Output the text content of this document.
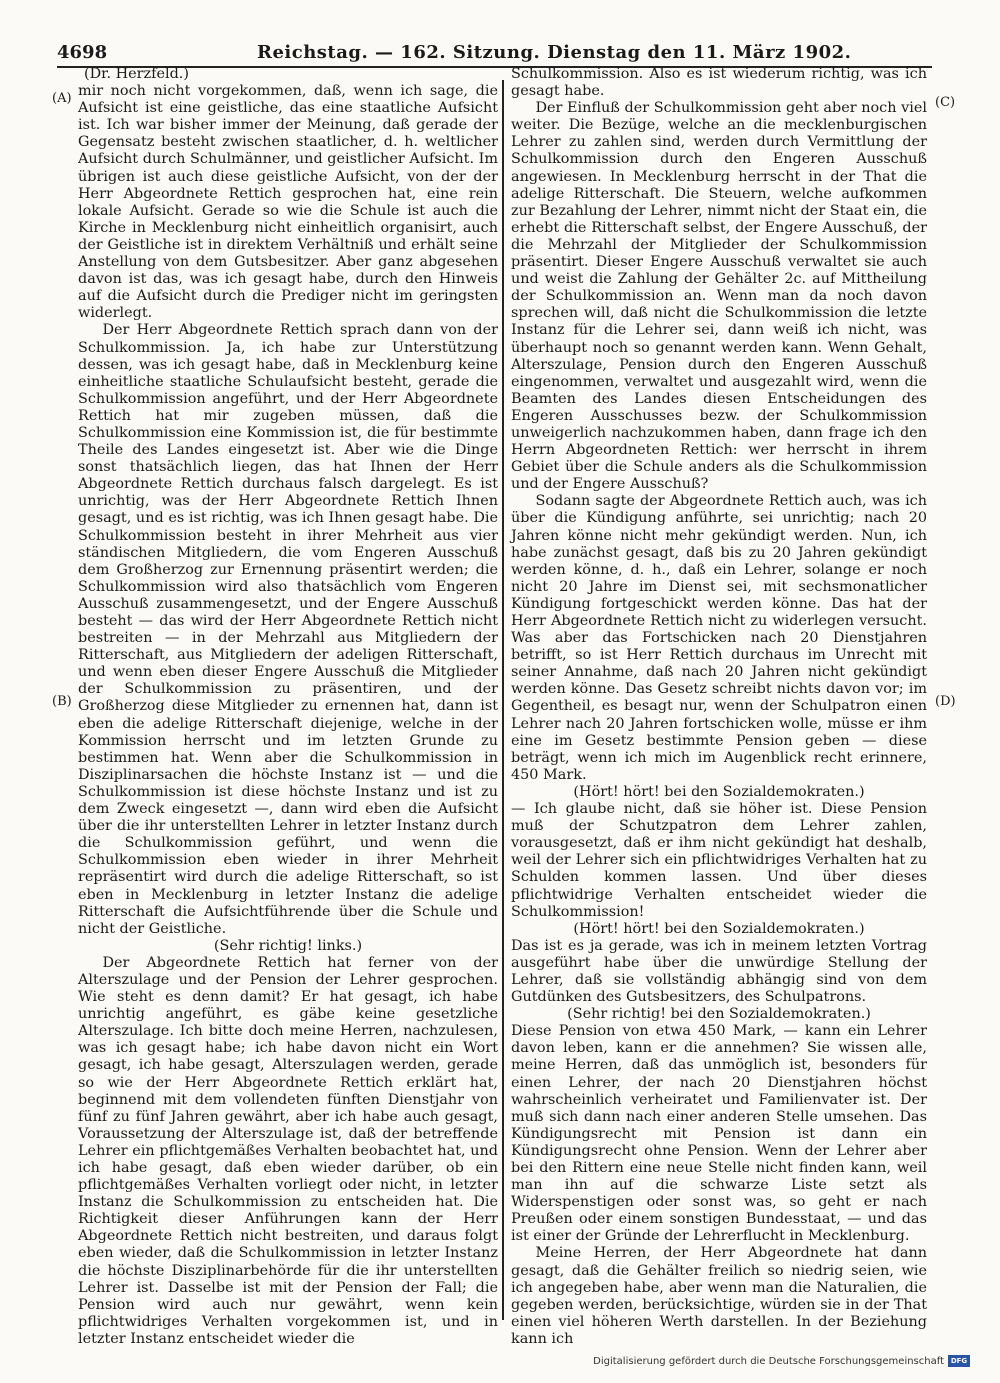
4698	Reichstag. — 162. Sitzung. Dienstag den 11. März 1902.
(A)
(B)
(C)
(D)

(Dr. Herzfeld.)

mir noch nicht vorgekommen, daß, wenn ich sage, die Aufsicht ist eine geistliche, das eine staatliche Aufsicht ist. Ich war bisher immer der Meinung, daß gerade der Gegensatz besteht zwischen staatlicher, d. h. weltlicher Aufsicht durch Schulmänner, und geistlicher Aufsicht. Im übrigen ist auch diese geistliche Aufsicht, von der der Herr Abgeordnete Rettich gesprochen hat, eine rein lokale Aufsicht. Gerade so wie die Schule ist auch die Kirche in Mecklenburg nicht einheitlich organisirt, auch der Geistliche ist in direktem Verhältniß und erhält seine Anstellung von dem Gutsbesitzer. Aber ganz abgesehen davon ist das, was ich gesagt habe, durch den Hinweis auf die Aufsicht durch die Prediger nicht im geringsten widerlegt.

Der Herr Abgeordnete Rettich sprach dann von der Schulkommission. Ja, ich habe zur Unterstützung dessen, was ich gesagt habe, daß in Mecklenburg keine einheitliche staatliche Schulaufsicht besteht, gerade die Schulkommission angeführt, und der Herr Abgeordnete Rettich hat mir zugeben müssen, daß die Schulkommission eine Kommission ist, die für bestimmte Theile des Landes eingesetzt ist. Aber wie die Dinge sonst thatsächlich liegen, das hat Ihnen der Herr Abgeordnete Rettich durchaus falsch dargelegt. Es ist unrichtig, was der Herr Abgeordnete Rettich Ihnen gesagt, und es ist richtig, was ich Ihnen gesagt habe. Die Schulkommission besteht in ihrer Mehrheit aus vier ständischen Mitgliedern, die vom Engeren Ausschuß dem Großherzog zur Ernennung präsentirt werden; die Schulkommission wird also thatsächlich vom Engeren Ausschuß zusammengesetzt, und der Engere Ausschuß besteht — das wird der Herr Abgeordnete Rettich nicht bestreiten — in der Mehrzahl aus Mitgliedern der Ritterschaft, aus Mitgliedern der adeligen Ritterschaft, und wenn eben dieser Engere Ausschuß die Mitglieder der Schulkommission zu präsentiren, und der Großherzog diese Mitglieder zu ernennen hat, dann ist eben die adelige Ritterschaft diejenige, welche in der Kommission herrscht und im letzten Grunde zu bestimmen hat. Wenn aber die Schulkommission in Disziplinarsachen die höchste Instanz ist — und die Schulkommission ist diese höchste Instanz und ist zu dem Zweck eingesetzt —, dann wird eben die Aufsicht über die ihr unterstellten Lehrer in letzter Instanz durch die Schulkommission geführt, und wenn die Schulkommission eben wieder in ihrer Mehrheit repräsentirt wird durch die adelige Ritterschaft, so ist eben in Mecklenburg in letzter Instanz die adelige Ritterschaft die Aufsichtführende über die Schule und nicht der Geistliche.

(Sehr richtig! links.)

Der Abgeordnete Rettich hat ferner von der Alterszulage und der Pension der Lehrer gesprochen. Wie steht es denn damit? Er hat gesagt, ich habe unrichtig angeführt, es gäbe keine gesetzliche Alterszulage. Ich bitte doch meine Herren, nachzulesen, was ich gesagt habe; ich habe davon nicht ein Wort gesagt, ich habe gesagt, Alterszulagen werden, gerade so wie der Herr Abgeordnete Rettich erklärt hat, beginnend mit dem vollendeten fünften Dienstjahr von fünf zu fünf Jahren gewährt, aber ich habe auch gesagt, Voraussetzung der Alterszulage ist, daß der betreffende Lehrer ein pflichtgemäßes Verhalten beobachtet hat, und ich habe gesagt, daß eben wieder darüber, ob ein pflichtgemäßes Verhalten vorliegt oder nicht, in letzter Instanz die Schulkommission zu entscheiden hat. Die Richtigkeit dieser Anführungen kann der Herr Abgeordnete Rettich nicht bestreiten, und daraus folgt eben wieder, daß die Schulkommission in letzter Instanz die höchste Disziplinarbehörde für die ihr unterstellten Lehrer ist. Dasselbe ist mit der Pension der Fall; die Pension wird auch nur gewährt, wenn kein pflichtwidriges Verhalten vorgekommen ist, und in letzter Instanz entscheidet wieder die

Schulkommission. Also es ist wiederum richtig, was ich gesagt habe.

Der Einfluß der Schulkommission geht aber noch viel weiter. Die Bezüge, welche an die mecklenburgischen Lehrer zu zahlen sind, werden durch Vermittlung der Schulkommission durch den Engeren Ausschuß angewiesen. In Mecklenburg herrscht in der That die adelige Ritterschaft. Die Steuern, welche aufkommen zur Bezahlung der Lehrer, nimmt nicht der Staat ein, die erhebt die Ritterschaft selbst, der Engere Ausschuß, der die Mehrzahl der Mitglieder der Schulkommission präsentirt. Dieser Engere Ausschuß verwaltet sie auch und weist die Zahlung der Gehälter 2c. auf Mittheilung der Schulkommission an. Wenn man da noch davon sprechen will, daß nicht die Schulkommission die letzte Instanz für die Lehrer sei, dann weiß ich nicht, was überhaupt noch so genannt werden kann. Wenn Gehalt, Alterszulage, Pension durch den Engeren Ausschuß eingenommen, verwaltet und ausgezahlt wird, wenn die Beamten des Landes diesen Entscheidungen des Engeren Ausschusses bezw. der Schulkommission unweigerlich nachzukommen haben, dann frage ich den Herrn Abgeordneten Rettich: wer herrscht in ihrem Gebiet über die Schule anders als die Schulkommission und der Engere Ausschuß?

Sodann sagte der Abgeordnete Rettich auch, was ich über die Kündigung anführte, sei unrichtig; nach 20 Jahren könne nicht mehr gekündigt werden. Nun, ich habe zunächst gesagt, daß bis zu 20 Jahren gekündigt werden könne, d. h., daß ein Lehrer, solange er noch nicht 20 Jahre im Dienst sei, mit sechsmonatlicher Kündigung fortgeschickt werden könne. Das hat der Herr Abgeordnete Rettich nicht zu widerlegen versucht. Was aber das Fortschicken nach 20 Dienstjahren betrifft, so ist Herr Rettich durchaus im Unrecht mit seiner Annahme, daß nach 20 Jahren nicht gekündigt werden könne. Das Gesetz schreibt nichts davon vor; im Gegentheil, es besagt nur, wenn der Schulpatron einen Lehrer nach 20 Jahren fortschicken wolle, müsse er ihm eine im Gesetz bestimmte Pension geben — diese beträgt, wenn ich mich im Augenblick recht erinnere, 450 Mark.

(Hört! hört! bei den Sozialdemokraten.)

— Ich glaube nicht, daß sie höher ist. Diese Pension muß der Schutzpatron dem Lehrer zahlen, vorausgesetzt, daß er ihm nicht gekündigt hat deshalb, weil der Lehrer sich ein pflichtwidriges Verhalten hat zu Schulden kommen lassen. Und über dieses pflichtwidrige Verhalten entscheidet wieder die Schulkommission!

(Hört! hört! bei den Sozialdemokraten.)

Das ist es ja gerade, was ich in meinem letzten Vortrag ausgeführt habe über die unwürdige Stellung der Lehrer, daß sie vollständig abhängig sind von dem Gutdünken des Gutsbesitzers, des Schulpatrons.

(Sehr richtig! bei den Sozialdemokraten.)

Diese Pension von etwa 450 Mark, — kann ein Lehrer davon leben, kann er die annehmen? Sie wissen alle, meine Herren, daß das unmöglich ist, besonders für einen Lehrer, der nach 20 Dienstjahren höchst wahrscheinlich verheiratet und Familienvater ist. Der muß sich dann nach einer anderen Stelle umsehen. Das Kündigungsrecht mit Pension ist dann ein Kündigungsrecht ohne Pension. Wenn der Lehrer aber bei den Rittern eine neue Stelle nicht finden kann, weil man ihn auf die schwarze Liste setzt als Widerspenstigen oder sonst was, so geht er nach Preußen oder einem sonstigen Bundesstaat, — und das ist einer der Gründe der Lehrerflucht in Mecklenburg.

Meine Herren, der Herr Abgeordnete hat dann gesagt, daß die Gehälter freilich so niedrig seien, wie ich angegeben habe, aber wenn man die Naturalien, die gegeben werden, berücksichtige, würden sie in der That einen viel höheren Werth darstellen. In der Beziehung kann ich

Digitalisierung gefördert durch die Deutsche Forschungsgemeinschaft DFG
